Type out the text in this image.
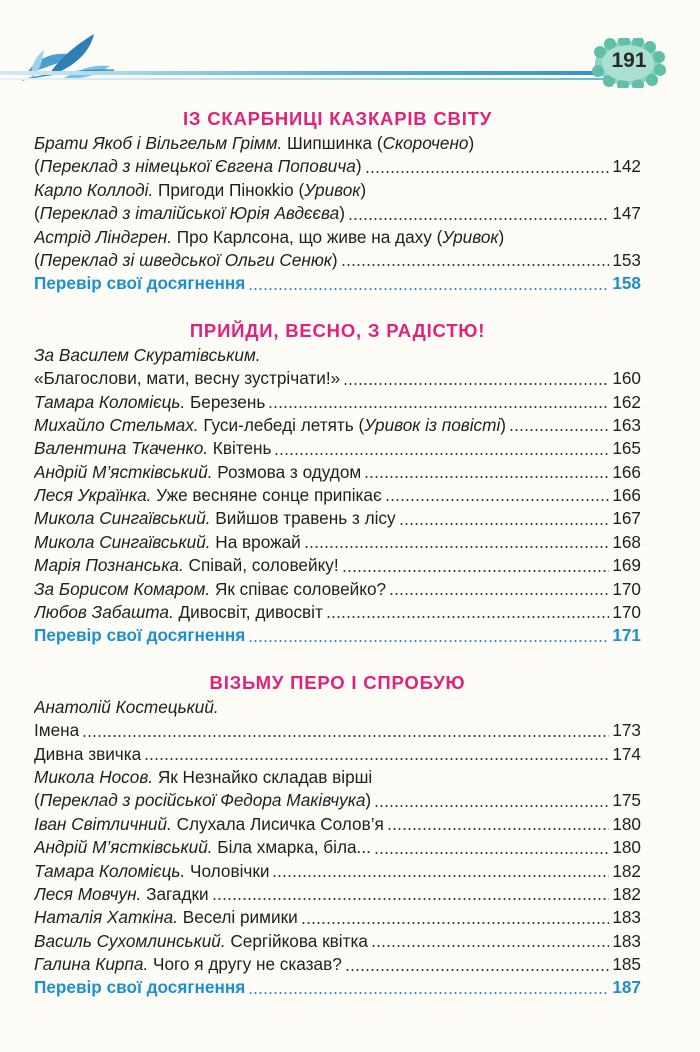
191
ІЗ СКАРБНИЦІ КАЗКАРІВ СВІТУ
Брати Якоб і Вільгельм Грімм. Шипшинка (Скорочено)
(Переклад з німецької Євгена Поповича)	142
Карло Коллоді. Пригоди Пінокkіо (Уривок)
(Переклад з італійської Юрія Авдєєва)	147
Астрід Ліндгрен. Про Карлсона, що живе на даху (Уривок)
(Переклад зі шведської Ольги Сенюк)	153
Перевір свої досягнення	158
ПРИЙДИ, ВЕСНО, З РАДІСТЮ!
За Василем Скуратівським.
«Благослови, мати, весну зустрічати!»	160
Тамара Коломієць. Березень	162
Михайло Стельмах. Гуси-лебеді летять (Уривок із повісті)	163
Валентина Ткаченко. Квітень	165
Андрій М’ястківський. Розмова з одудом	166
Леся Українка. Уже весняне сонце припікає	166
Микола Сингаївський. Вийшов травень з лісу	167
Микола Сингаївський. На врожай	168
Марія Познанська. Співай, соловейку!	169
За Борисом Комаром. Як співає соловейко?	170
Любов Забашта. Дивосвіт, дивосвіт	170
Перевір свої досягнення	171
ВІЗЬМУ ПЕРО І СПРОБУЮ
Анатолій Костецький.
Імена	173
Дивна звичка	174
Микола Носов. Як Незнайко складав вірші
(Переклад з російської Федора Маківчука)	175
Іван Світличний. Слухала Лисичка Солов’я	180
Андрій М’ястківський. Біла хмарка, біла...	180
Тамара Коломієць. Чоловічки	182
Леся Мовчун. Загадки	182
Наталія Хаткіна. Веселі римики	183
Василь Сухомлинський. Сергійкова квітка	183
Галина Кирпа. Чого я другу не сказав?	185
Перевір свої досягнення	187
